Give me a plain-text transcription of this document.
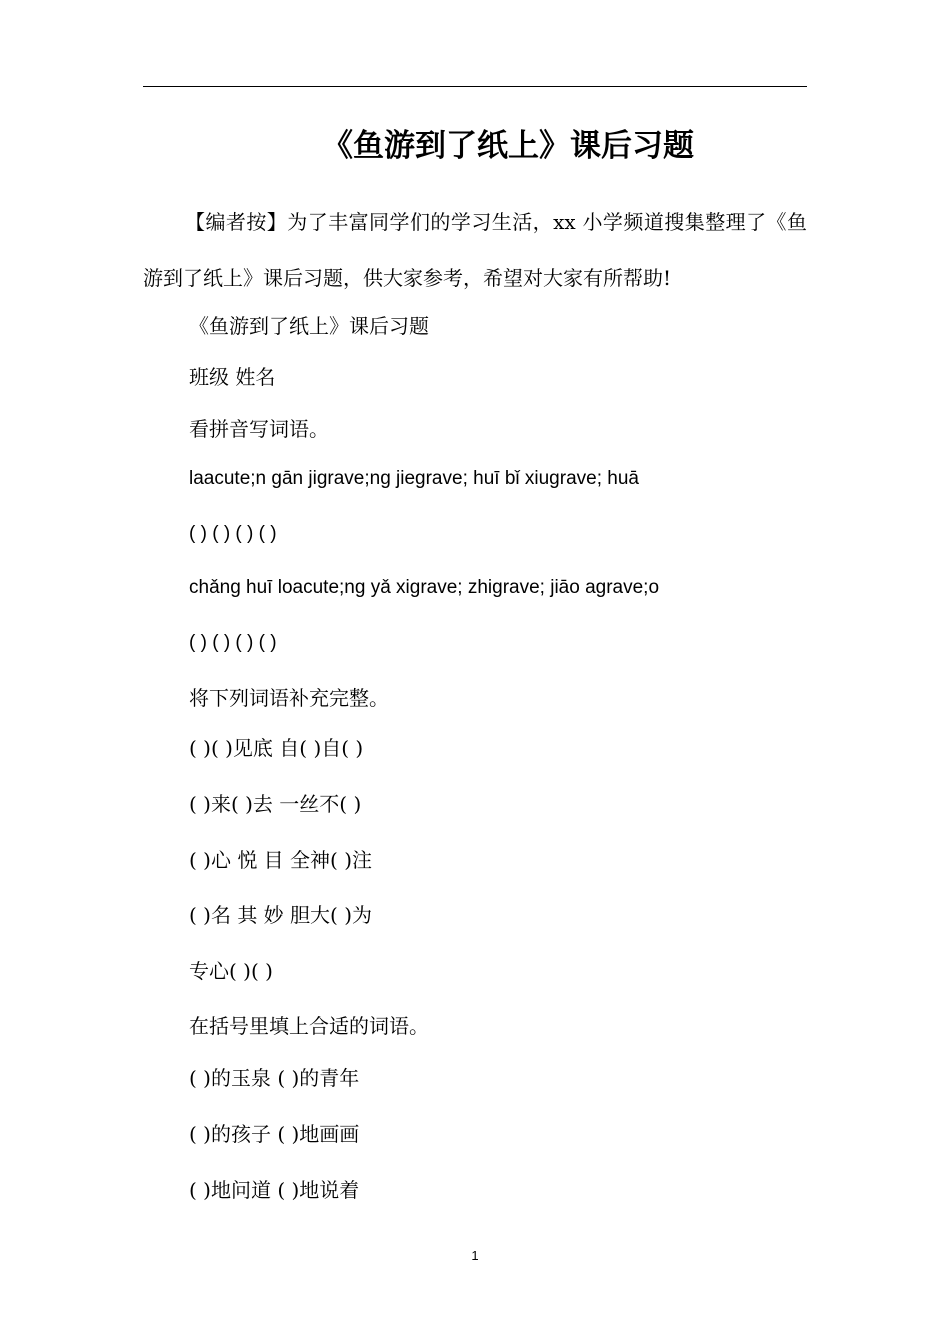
《鱼游到了纸上》课后习题

【编者按】为了丰富同学们的学习生活，xx 小学频道搜集整理了《鱼游到了纸上》课后习题，供大家参考，希望对大家有所帮助!

《鱼游到了纸上》课后习题

班级 姓名

看拼音写词语。

laacute;n gān jigrave;ng jiegrave; huī bǐ xiugrave; huā

( ) ( ) ( ) ( )

chǎng huī loacute;ng yǎ xigrave; zhigrave; jiāo agrave;o

( ) ( ) ( ) ( )

将下列词语补充完整。

( )( )见底 自( )自( )

( )来( )去 一丝不( )

( )心 悦 目 全神( )注

( )名 其 妙 胆大( )为

专心( )( )

在括号里填上合适的词语。

( )的玉泉 ( )的青年

( )的孩子 ( )地画画

( )地问道 ( )地说着

1
